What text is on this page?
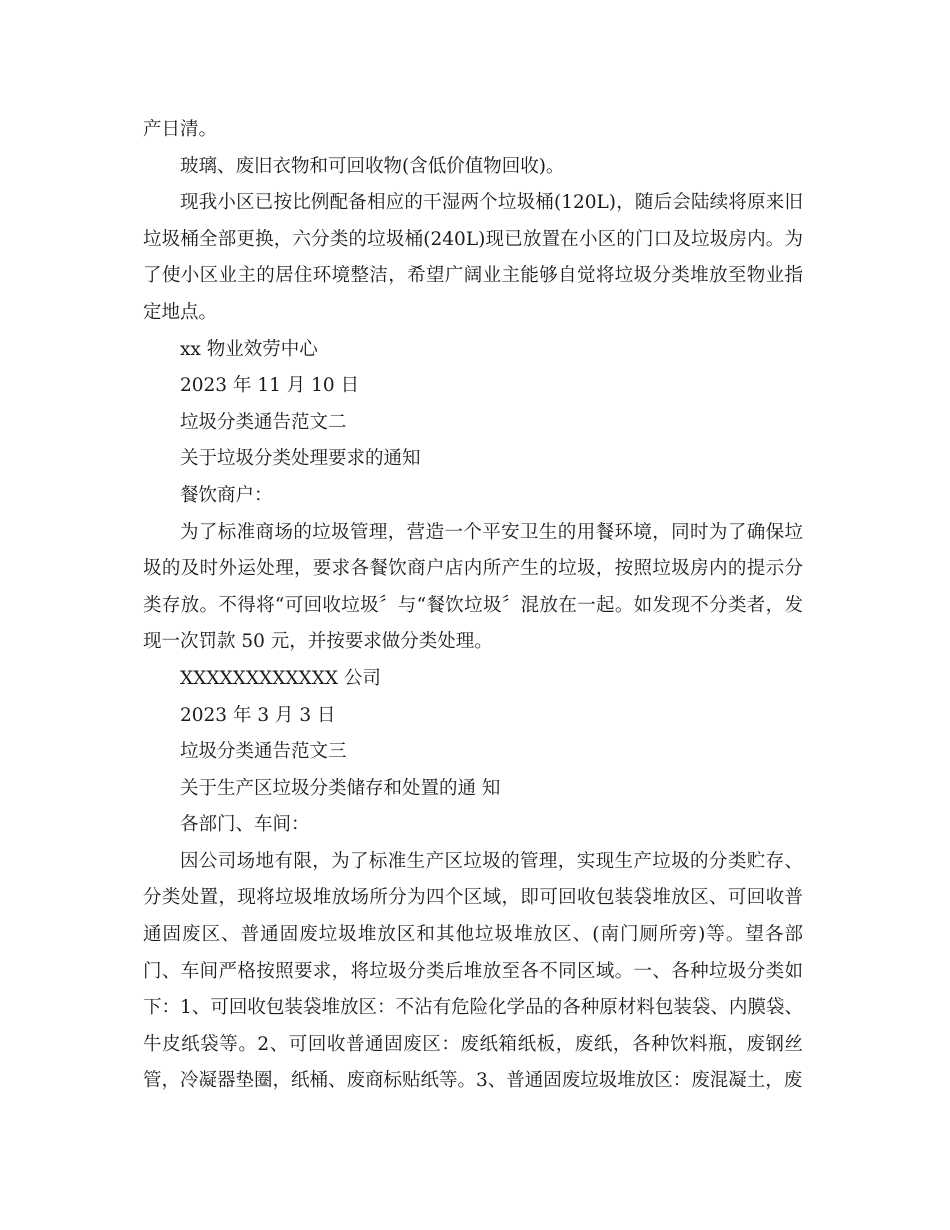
产日清。

玻璃、废旧衣物和可回收物(含低价值物回收)。

现我小区已按比例配备相应的干湿两个垃圾桶(120L)，随后会陆续将原来旧垃圾桶全部更换，六分类的垃圾桶(240L)现已放置在小区的门口及垃圾房内。为了使小区业主的居住环境整洁，希望广阔业主能够自觉将垃圾分类堆放至物业指定地点。

xx 物业效劳中心

2023 年 11 月 10 日

垃圾分类通告范文二

关于垃圾分类处理要求的通知

餐饮商户：

为了标准商场的垃圾管理，营造一个平安卫生的用餐环境，同时为了确保垃圾的及时外运处理，要求各餐饮商户店内所产生的垃圾，按照垃圾房内的提示分类存放。不得将“可回收垃圾〞与“餐饮垃圾〞混放在一起。如发现不分类者，发现一次罚款 50 元，并按要求做分类处理。

XXXXXXXXXXXX 公司

2023 年 3 月 3 日

垃圾分类通告范文三

关于生产区垃圾分类储存和处置的通 知

各部门、车间：

因公司场地有限，为了标准生产区垃圾的管理，实现生产垃圾的分类贮存、分类处置，现将垃圾堆放场所分为四个区域，即可回收包装袋堆放区、可回收普通固废区、普通固废垃圾堆放区和其他垃圾堆放区、(南门厕所旁)等。望各部门、车间严格按照要求，将垃圾分类后堆放至各不同区域。一、各种垃圾分类如下：1、可回收包装袋堆放区：不沾有危险化学品的各种原材料包装袋、内膜袋、牛皮纸袋等。2、可回收普通固废区：废纸箱纸板，废纸，各种饮料瓶，废钢丝管，冷凝器垫圈，纸桶、废商标贴纸等。3、普通固废垃圾堆放区：废混凝土，废
